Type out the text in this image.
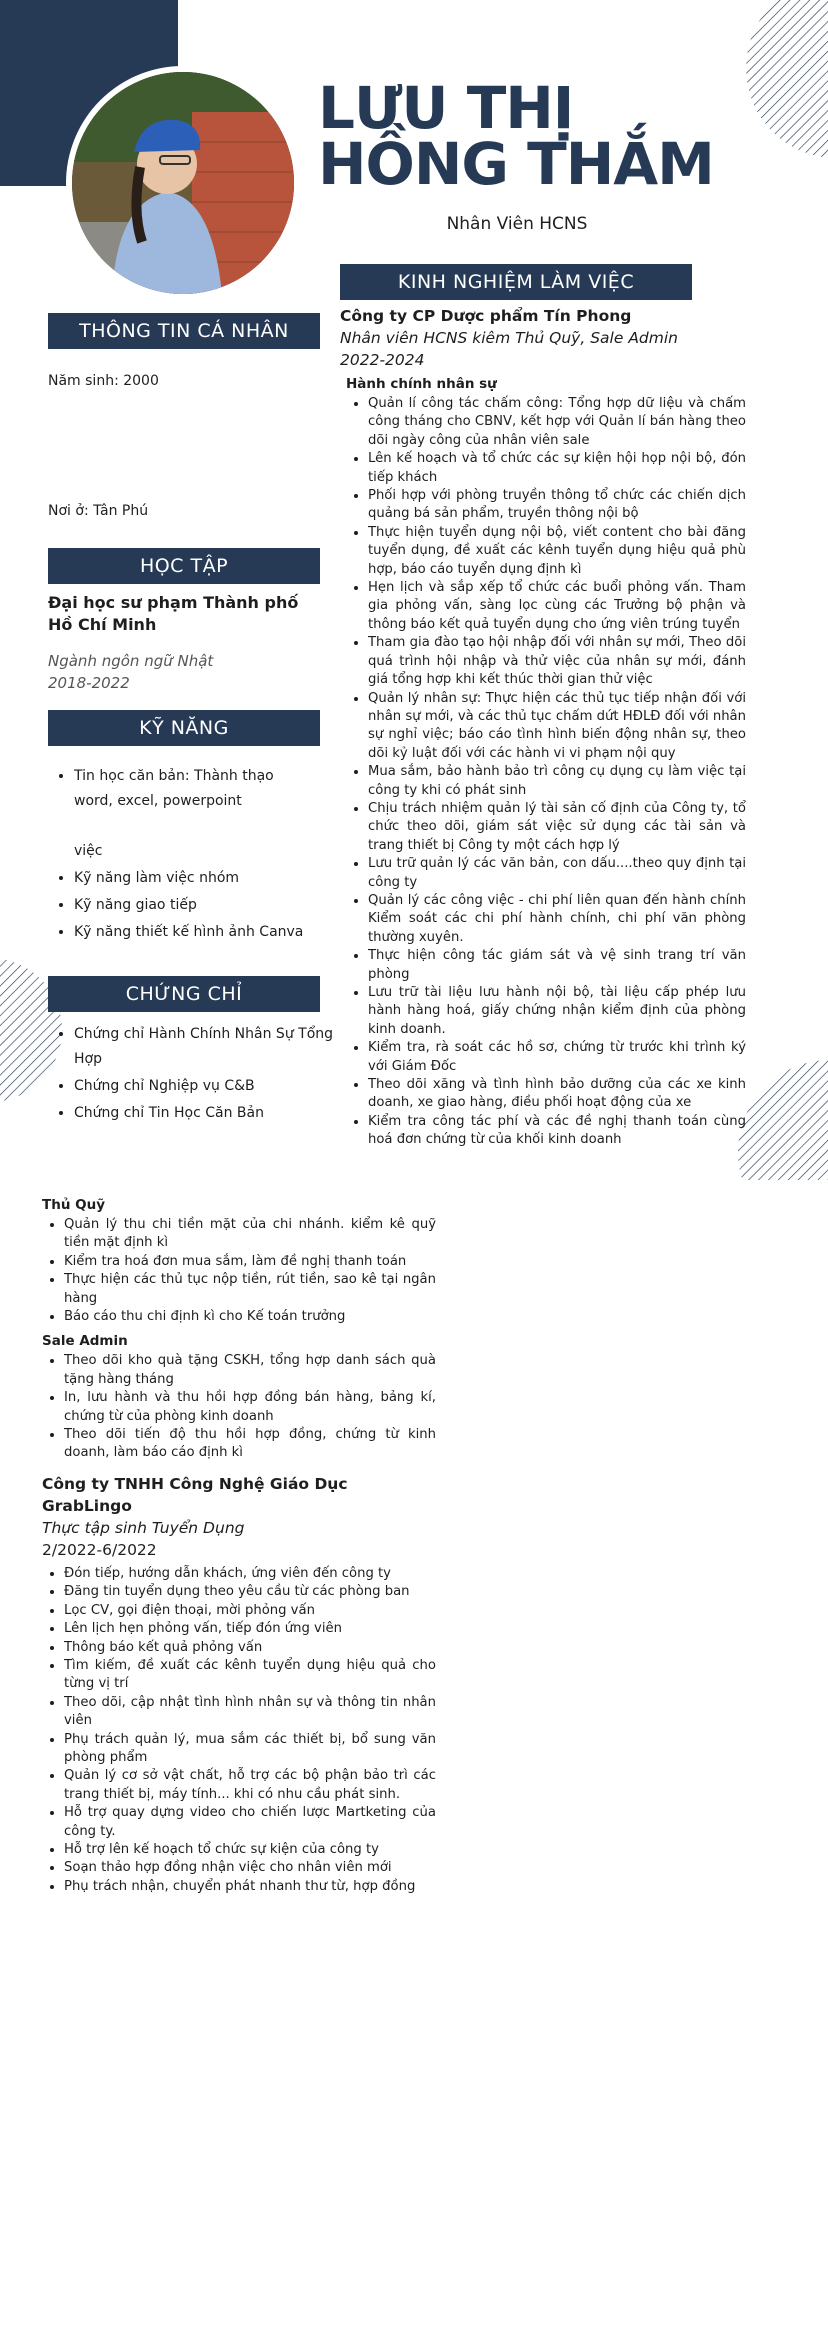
LƯU THỊ
HỒNG THẮM
Nhân Viên HCNS
THÔNG TIN CÁ NHÂN
Năm sinh: 2000
Nơi ở: Tân Phú
HỌC TẬP
Đại học sư phạm Thành phố Hồ Chí Minh
Ngành ngôn ngữ Nhật
2018-2022
KỸ NĂNG
• Tin học căn bản: Thành thạo
word, excel, powerpoint

việc
• Kỹ năng làm việc nhóm
• Kỹ năng giao tiếp
• Kỹ năng thiết kế hình ảnh Canva
CHỨNG CHỈ
• Chứng chỉ Hành Chính Nhân Sự Tổng Hợp
• Chứng chỉ Nghiệp vụ C&B
• Chứng chỉ Tin Học Căn Bản
KINH NGHIỆM LÀM VIỆC
Công ty CP Dược phẩm Tín Phong
Nhân viên HCNS kiêm Thủ Quỹ, Sale Admin
2022-2024
Hành chính nhân sự
• Quản lí công tác chấm công: Tổng hợp dữ liệu và chấm công tháng cho CBNV, kết hợp với Quản lí bán hàng theo dõi ngày công của nhân viên sale
• Lên kế hoạch và tổ chức các sự kiện hội họp nội bộ, đón tiếp khách
• Phối hợp với phòng truyền thông tổ chức các chiến dịch quảng bá sản phẩm, truyền thông nội bộ
• Thực hiện tuyển dụng nội bộ, viết content cho bài đăng tuyển dụng, đề xuất các kênh tuyển dụng hiệu quả phù hợp, báo cáo tuyển dụng định kì
• Hẹn lịch và sắp xếp tổ chức các buổi phỏng vấn. Tham gia phỏng vấn, sàng lọc cùng các Trưởng bộ phận và thông báo kết quả tuyển dụng cho ứng viên trúng tuyển
• Tham gia đào tạo hội nhập đối với nhân sự mới, Theo dõi quá trình hội nhập và thử việc của nhân sự mới, đánh giá tổng hợp khi kết thúc thời gian thử việc
• Quản lý nhân sự: Thực hiện các thủ tục tiếp nhận đối với nhân sự mới, và các thủ tục chấm dứt HĐLĐ đối với nhân sự nghỉ việc; báo cáo tình hình biến động nhân sự, theo dõi kỷ luật đối với các hành vi vi phạm nội quy
• Mua sắm, bảo hành bảo trì công cụ dụng cụ làm việc tại công ty khi có phát sinh
• Chịu trách nhiệm quản lý tài sản cố định của Công ty, tổ chức theo dõi, giám sát việc sử dụng các tài sản và trang thiết bị Công ty một cách hợp lý
• Lưu trữ quản lý các văn bản, con dấu....theo quy định tại công ty
• Quản lý các công việc - chi phí liên quan đến hành chính Kiểm soát các chi phí hành chính, chi phí văn phòng thường xuyên.
• Thực hiện công tác giám sát và vệ sinh trang trí văn phòng
• Lưu trữ tài liệu lưu hành nội bộ, tài liệu cấp phép lưu hành hàng hoá, giấy chứng nhận kiểm định của phòng kinh doanh.
• Kiểm tra, rà soát các hồ sơ, chứng từ trước khi trình ký với Giám Đốc
• Theo dõi xăng và tình hình bảo dưỡng của các xe kinh doanh, xe giao hàng, điều phối hoạt động của xe
• Kiểm tra công tác phí và các đề nghị thanh toán cùng hoá đơn chứng từ của khối kinh doanh
Thủ Quỹ
• Quản lý thu chi tiền mặt của chi nhánh. kiểm kê quỹ tiền mặt định kì
• Kiểm tra hoá đơn mua sắm, làm đề nghị thanh toán
• Thực hiện các thủ tục nộp tiền, rút tiền, sao kê tại ngân hàng
• Báo cáo thu chi định kì cho Kế toán trưởng
Sale Admin
• Theo dõi kho quà tặng CSKH, tổng hợp danh sách quà tặng hàng tháng
• In, lưu hành và thu hồi hợp đồng bán hàng, bảng kí, chứng từ của phòng kinh doanh
• Theo dõi tiến độ thu hồi hợp đồng, chứng từ kinh doanh, làm báo cáo định kì
Công ty TNHH Công Nghệ Giáo Dục GrabLingo
Thực tập sinh Tuyển Dụng
2/2022-6/2022
• Đón tiếp, hướng dẫn khách, ứng viên đến công ty
• Đăng tin tuyển dụng theo yêu cầu từ các phòng ban
• Lọc CV, gọi điện thoại, mời phỏng vấn
• Lên lịch hẹn phỏng vấn, tiếp đón ứng viên
• Thông báo kết quả phỏng vấn
• Tìm kiếm, đề xuất các kênh tuyển dụng hiệu quả cho từng vị trí
• Theo dõi, cập nhật tình hình nhân sự và thông tin nhân viên
• Phụ trách quản lý, mua sắm các thiết bị, bổ sung văn phòng phẩm
• Quản lý cơ sở vật chất, hỗ trợ các bộ phận bảo trì các trang thiết bị, máy tính... khi có nhu cầu phát sinh.
• Hỗ trợ quay dựng video cho chiến lược Martketing của công ty.
• Hỗ trợ lên kế hoạch tổ chức sự kiện của công ty
• Soạn thảo hợp đồng nhận việc cho nhân viên mới
• Phụ trách nhận, chuyển phát nhanh thư từ, hợp đồng
